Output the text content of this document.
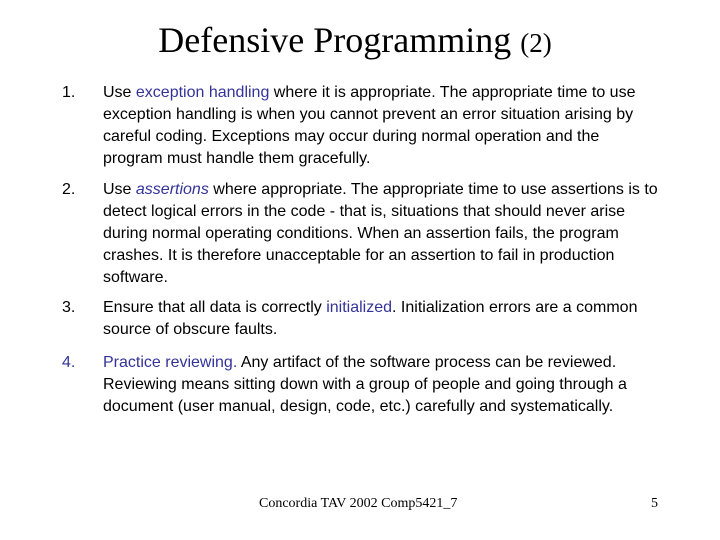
Defensive Programming (2)
1. Use exception handling where it is appropriate. The appropriate time to use exception handling is when you cannot prevent an error situation arising by careful coding. Exceptions may occur during normal operation and the program must handle them gracefully.
2. Use assertions where appropriate. The appropriate time to use assertions is to detect logical errors in the code - that is, situations that should never arise during normal operating conditions. When an assertion fails, the program crashes. It is therefore unacceptable for an assertion to fail in production software.
3. Ensure that all data is correctly initialized. Initialization errors are a common source of obscure faults.
4. Practice reviewing. Any artifact of the software process can be reviewed. Reviewing means sitting down with a group of people and going through a document (user manual, design, code, etc.) carefully and systematically.
Concordia TAV 2002 Comp5421_7	5
